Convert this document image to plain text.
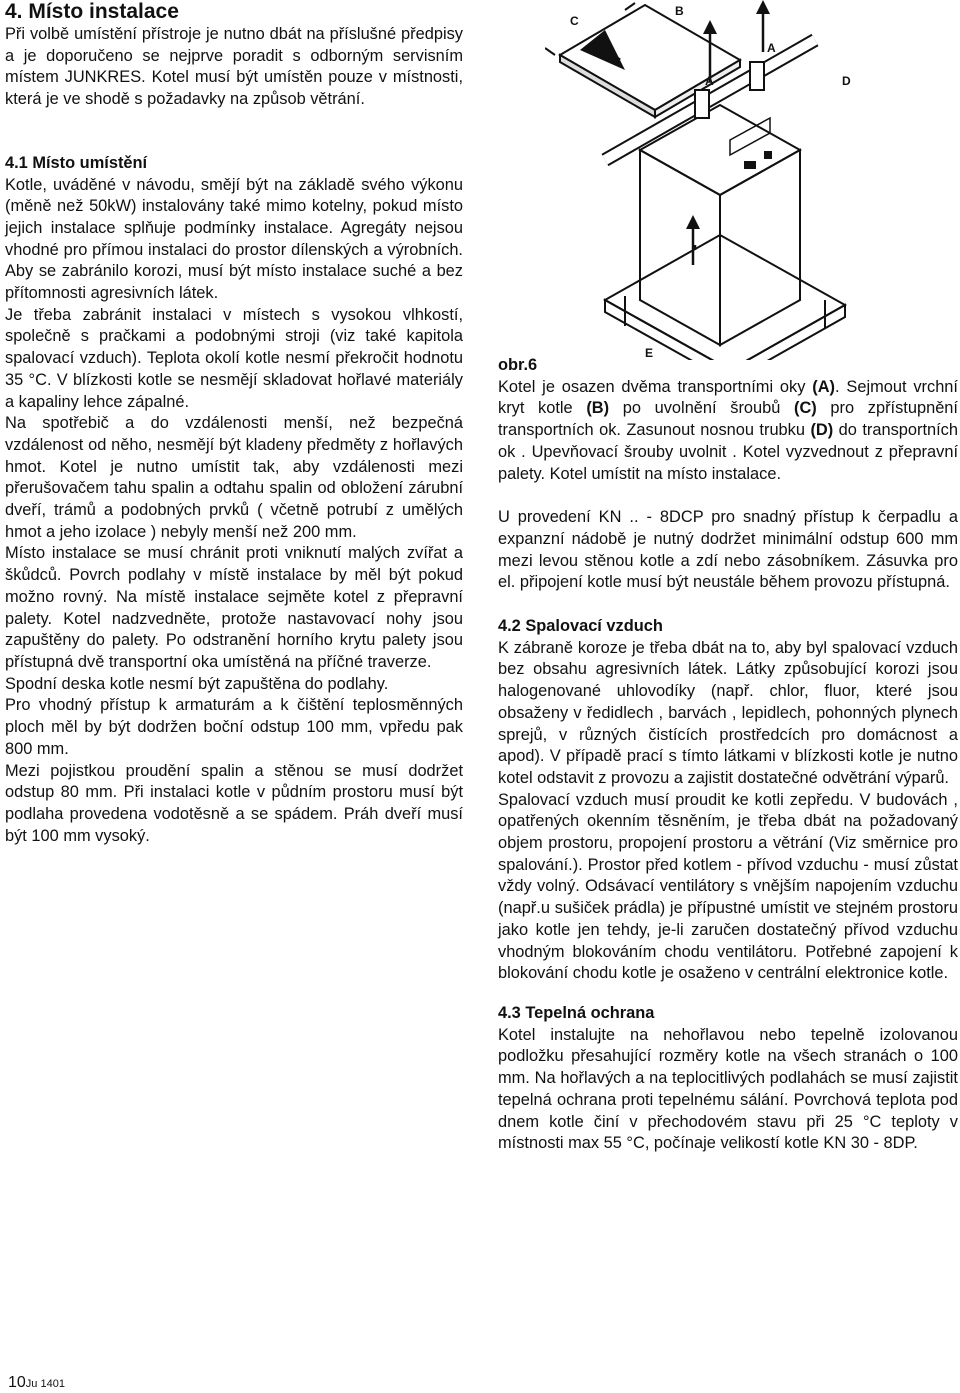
4. Místo instalace

Při volbě umístění přístroje je nutno dbát na příslušné předpisy a je doporučeno se nejprve poradit s odborným servisním místem JUNKRES. Kotel musí být umístěn pouze v místnosti, která je ve shodě s požadavky na způsob větrání.

4.1 Místo umístění

Kotle, uváděné v návodu, smějí být na základě svého výkonu (měně než 50kW) instalovány také mimo kotelny, pokud místo jejich instalace splňuje podmínky instalace. Agregáty nejsou vhodné pro přímou instalaci do prostor dílenských a výrobních. Aby se zabránilo korozi, musí být místo instalace suché a bez přítomnosti agresivních látek.

Je třeba zabránit instalaci v místech s vysokou vlhkostí, společně s pračkami a podobnými stroji (viz také kapitola spalovací vzduch). Teplota okolí kotle nesmí překročit hodnotu 35 °C. V blízkosti kotle se nesmějí skladovat hořlavé materiály a kapaliny lehce zápalné.

Na spotřebič a do vzdálenosti menší, než bezpečná vzdálenost od něho, nesmějí být kladeny předměty z hořlavých hmot. Kotel je nutno umístit tak, aby vzdálenosti mezi přerušovačem tahu spalin a odtahu spalin od obložení zárubní dveří, trámů a podobných prvků ( včetně potrubí z umělých hmot a jeho izolace ) nebyly menší než 200 mm.

Místo instalace se musí chránit proti vniknutí malých zvířat a škůdců. Povrch podlahy v místě instalace by měl být pokud možno rovný. Na místě instalace sejměte kotel z přepravní palety. Kotel nadzvedněte, protože nastavovací nohy jsou zapuštěny do palety. Po odstranění horního krytu palety jsou přístupná dvě transportní oka umístěná na příčné traverze.

Spodní deska kotle nesmí být zapuštěna do podlahy.

Pro vhodný přístup k armaturám a k čištění teplosměnných ploch měl by být dodržen boční odstup 100 mm, vpředu pak 800 mm.

Mezi pojistkou proudění spalin a stěnou se musí dodržet odstup 80 mm. Při instalaci kotle v půdním prostoru musí být podlaha provedena vodotěsně a se spádem. Práh dveří musí být 100 mm vysoký.

C
B
A
A	D
E

obr.6

Kotel je osazen dvěma transportními oky (A). Sejmout vrchní kryt kotle (B) po uvolnění šroubů (C) pro zpřístupnění transportních ok. Zasunout nosnou trubku (D) do transportních ok . Upevňovací šrouby uvolnit . Kotel vyzvednout z přepravní palety. Kotel umístit na místo instalace.

U provedení KN .. - 8DCP pro snadný přístup k čerpadlu a expanzní nádobě je nutný dodržet minimální odstup 600 mm mezi levou stěnou kotle a zdí nebo zásobníkem. Zásuvka pro el. připojení kotle musí být neustále během provozu přístupná.

4.2 Spalovací vzduch

K zábraně koroze je třeba dbát na to, aby byl spalovací vzduch bez obsahu agresivních látek. Látky způsobující korozi jsou halogenované uhlovodíky (např. chlor, fluor, které jsou obsaženy v ředidlech , barvách , lepidlech, pohonných plynech sprejů, v různých čistících prostředcích pro domácnost a apod). V případě prací s tímto látkami v blízkosti kotle je nutno kotel odstavit z provozu a zajistit dostatečné odvětrání výparů.

Spalovací vzduch musí proudit ke kotli zepředu. V budovách , opatřených okenním těsněním, je třeba dbát na požadovaný objem prostoru, propojení prostoru a větrání (Viz směrnice pro spalování.). Prostor před kotlem - přívod vzduchu - musí zůstat vždy volný. Odsávací ventilátory s vnějším napojením vzduchu (např.u sušiček prádla) je přípustné umístit ve stejném prostoru jako kotle jen tehdy, je-li zaručen dostatečný přívod vzduchu vhodným blokováním chodu ventilátoru. Potřebné zapojení k blokování chodu kotle je osaženo v centrální elektronice kotle.

4.3 Tepelná ochrana

Kotel instalujte na nehořlavou nebo tepelně izolovanou podložku přesahující rozměry kotle na všech stranách o 100 mm. Na hořlavých a na teplocitlivých podlahách se musí zajistit tepelná ochrana proti tepelnému sálání. Povrchová teplota pod dnem kotle činí v přechodovém stavu při 25 °C teploty v místnosti max 55 °C, počínaje velikostí kotle KN 30 - 8DP.

10Ju 1401
